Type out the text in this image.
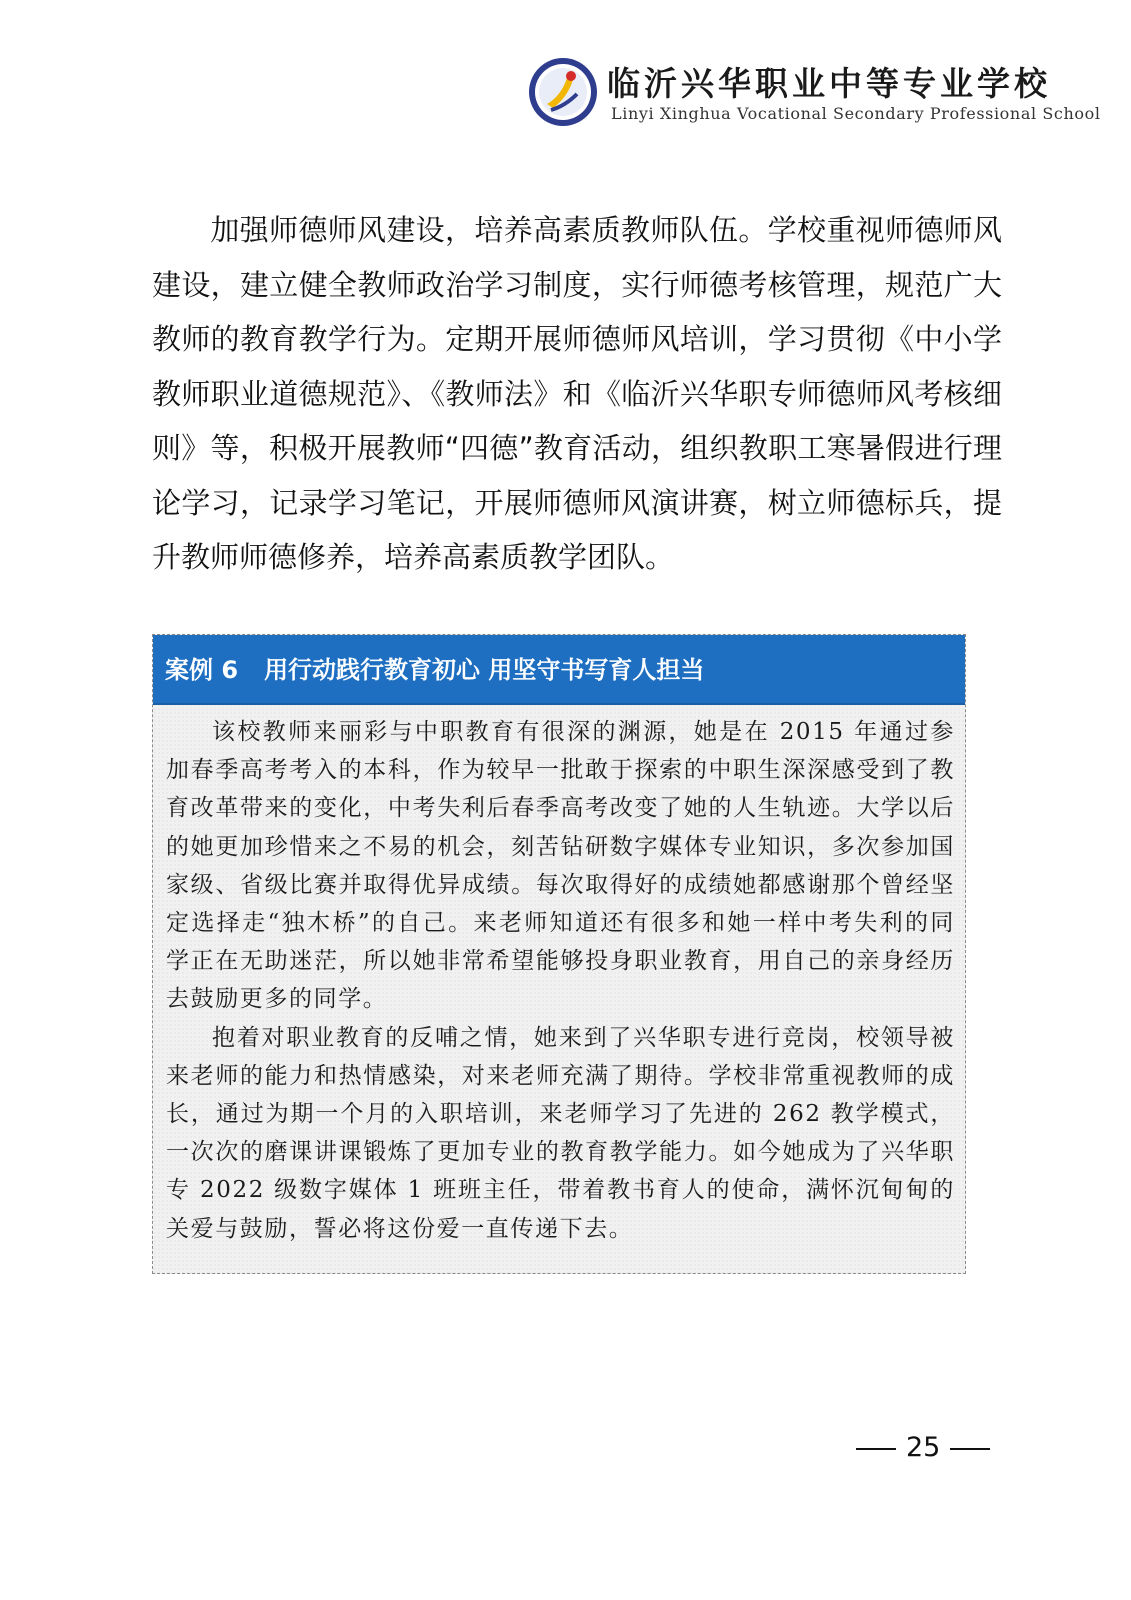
临沂兴华职业中等专业学校
Linyi Xinghua Vocational Secondary Professional School

加强师德师风建设，培养高素质教师队伍。学校重视师德师风建设，建立健全教师政治学习制度，实行师德考核管理，规范广大教师的教育教学行为。定期开展师德师风培训，学习贯彻《中小学教师职业道德规范》、《教师法》和《临沂兴华职专师德师风考核细则》等，积极开展教师“四德”教育活动，组织教职工寒暑假进行理论学习，记录学习笔记，开展师德师风演讲赛，树立师德标兵，提升教师师德修养，培养高素质教学团队。

案例 6 用行动践行教育初心 用坚守书写育人担当

该校教师来丽彩与中职教育有很深的渊源，她是在 2015 年通过参加春季高考考入的本科，作为较早一批敢于探索的中职生深深感受到了教育改革带来的变化，中考失利后春季高考改变了她的人生轨迹。大学以后的她更加珍惜来之不易的机会，刻苦钻研数字媒体专业知识，多次参加国家级、省级比赛并取得优异成绩。每次取得好的成绩她都感谢那个曾经坚定选择走“独木桥”的自己。来老师知道还有很多和她一样中考失利的同学正在无助迷茫，所以她非常希望能够投身职业教育，用自己的亲身经历去鼓励更多的同学。

抱着对职业教育的反哺之情，她来到了兴华职专进行竞岗，校领导被来老师的能力和热情感染，对来老师充满了期待。学校非常重视教师的成长，通过为期一个月的入职培训，来老师学习了先进的 262 教学模式，一次次的磨课讲课锻炼了更加专业的教育教学能力。如今她成为了兴华职专 2022 级数字媒体 1 班班主任，带着教书育人的使命，满怀沉甸甸的关爱与鼓励，誓必将这份爱一直传递下去。

25
